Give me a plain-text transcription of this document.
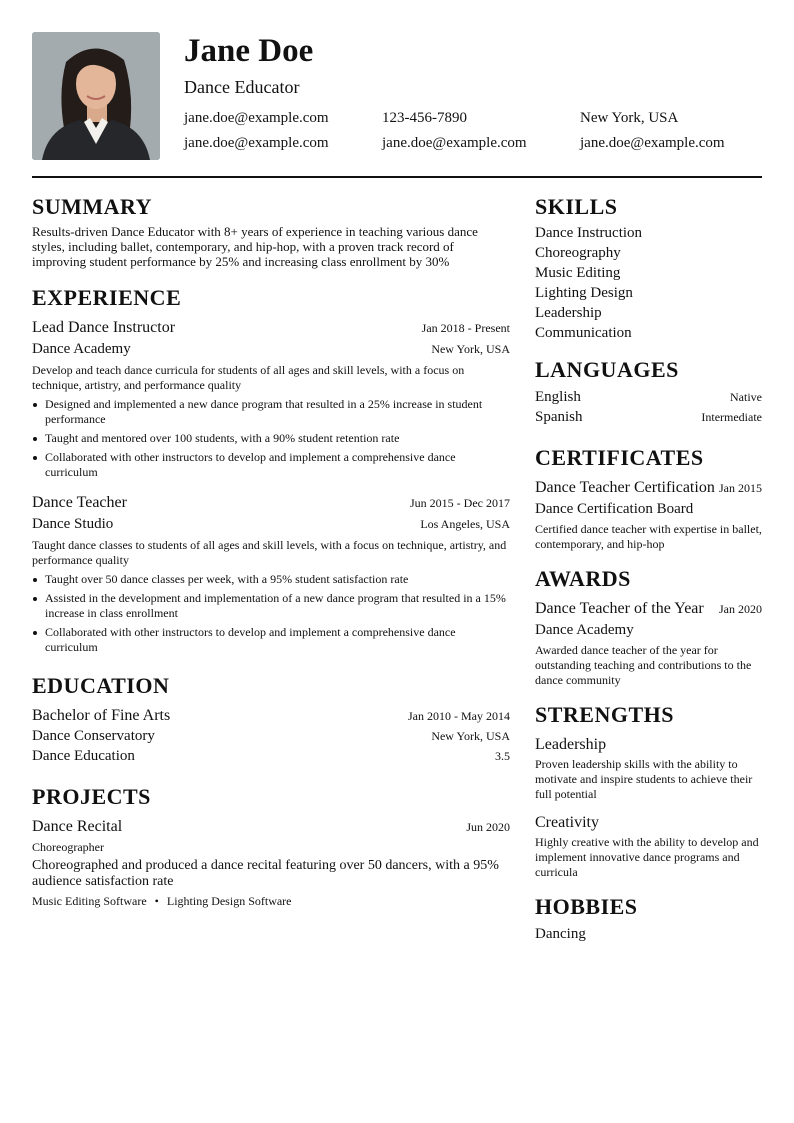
Jane Doe
Dance Educator
jane.doe@example.com	123-456-7890	New York, USA
jane.doe@example.com	jane.doe@example.com	jane.doe@example.com
SUMMARY
Results-driven Dance Educator with 8+ years of experience in teaching various dance styles, including ballet, contemporary, and hip-hop, with a proven track record of improving student performance by 25% and increasing class enrollment by 30%
EXPERIENCE
Lead Dance Instructor	Jan 2018 - Present
Dance Academy	New York, USA
Develop and teach dance curricula for students of all ages and skill levels, with a focus on technique, artistry, and performance quality
Designed and implemented a new dance program that resulted in a 25% increase in student performance
Taught and mentored over 100 students, with a 90% student retention rate
Collaborated with other instructors to develop and implement a comprehensive dance curriculum
Dance Teacher	Jun 2015 - Dec 2017
Dance Studio	Los Angeles, USA
Taught dance classes to students of all ages and skill levels, with a focus on technique, artistry, and performance quality
Taught over 50 dance classes per week, with a 95% student satisfaction rate
Assisted in the development and implementation of a new dance program that resulted in a 15% increase in class enrollment
Collaborated with other instructors to develop and implement a comprehensive dance curriculum
EDUCATION
Bachelor of Fine Arts	Jan 2010 - May 2014
Dance Conservatory	New York, USA
Dance Education	3.5
PROJECTS
Dance Recital	Jun 2020
Choreographer
Choreographed and produced a dance recital featuring over 50 dancers, with a 95% audience satisfaction rate
Music Editing Software • Lighting Design Software
SKILLS
Dance Instruction
Choreography
Music Editing
Lighting Design
Leadership
Communication
LANGUAGES
English	Native
Spanish	Intermediate
CERTIFICATES
Dance Teacher Certification Jan 2015
Dance Certification Board
Certified dance teacher with expertise in ballet, contemporary, and hip-hop
AWARDS
Dance Teacher of the Year Jan 2020
Dance Academy
Awarded dance teacher of the year for outstanding teaching and contributions to the dance community
STRENGTHS
Leadership
Proven leadership skills with the ability to motivate and inspire students to achieve their full potential
Creativity
Highly creative with the ability to develop and implement innovative dance programs and curricula
HOBBIES
Dancing
